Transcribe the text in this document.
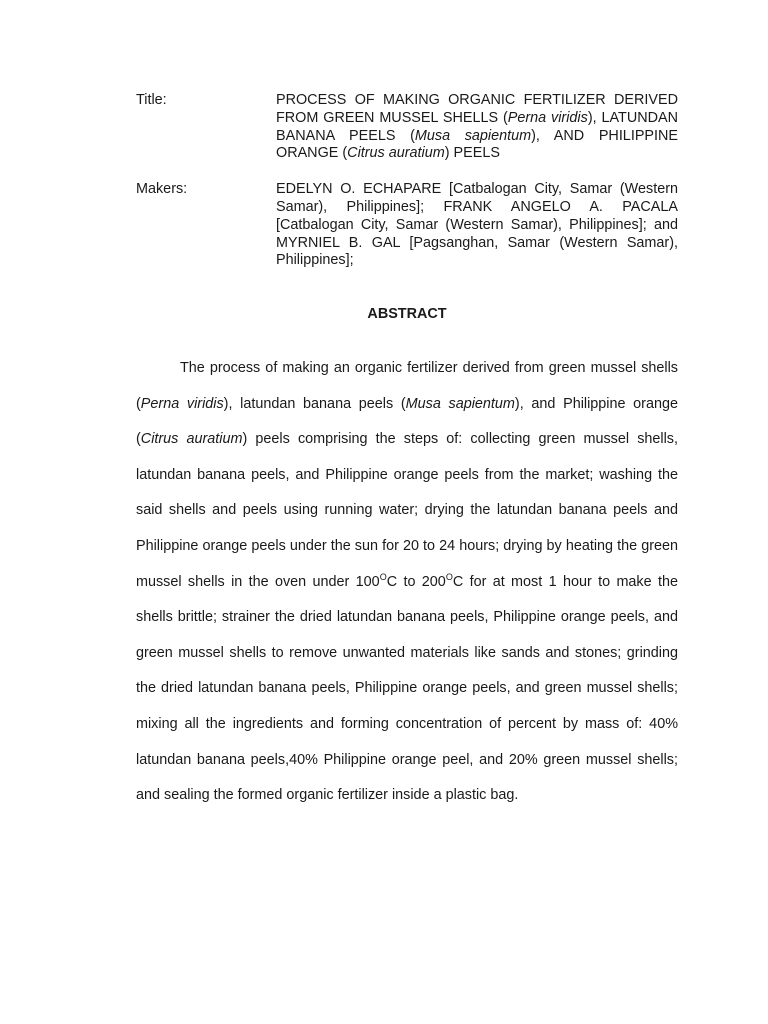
Title:	PROCESS OF MAKING ORGANIC FERTILIZER DERIVED FROM GREEN MUSSEL SHELLS (Perna viridis), LATUNDAN BANANA PEELS (Musa sapientum), AND PHILIPPINE ORANGE (Citrus auratium) PEELS
Makers:	EDELYN O. ECHAPARE [Catbalogan City, Samar (Western Samar), Philippines]; FRANK ANGELO A. PACALA [Catbalogan City, Samar (Western Samar), Philippines]; and MYRNIEL B. GAL [Pagsanghan, Samar (Western Samar), Philippines];
ABSTRACT
The process of making an organic fertilizer derived from green mussel shells (Perna viridis), latundan banana peels (Musa sapientum), and Philippine orange (Citrus auratium) peels comprising the steps of: collecting green mussel shells, latundan banana peels, and Philippine orange peels from the market; washing the said shells and peels using running water; drying the latundan banana peels and Philippine orange peels under the sun for 20 to 24 hours; drying by heating the green mussel shells in the oven under $100^OC$ to $200^OC$ for at most 1 hour to make the shells brittle; strainer the dried latundan banana peels, Philippine orange peels, and green mussel shells to remove unwanted materials like sands and stones; grinding the dried latundan banana peels, Philippine orange peels, and green mussel shells; mixing all the ingredients and forming concentration of percent by mass of: 40% latundan banana peels,40% Philippine orange peel, and 20% green mussel shells; and sealing the formed organic fertilizer inside a plastic bag.
